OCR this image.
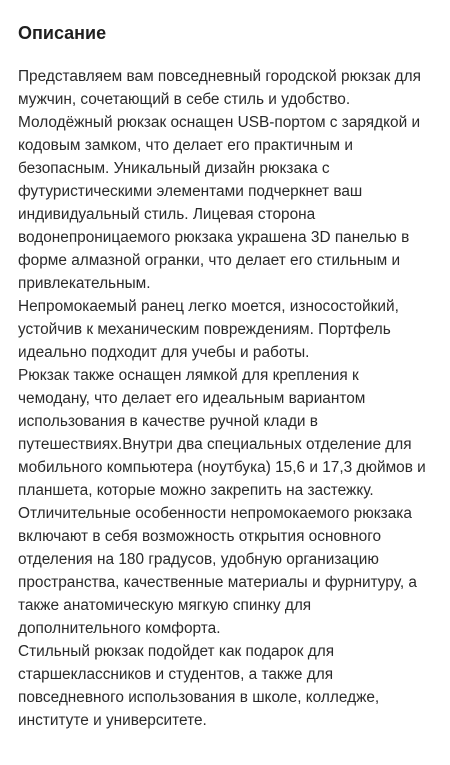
Описание

Представляем вам повседневный городской рюкзак для мужчин, сочетающий в себе стиль и удобство. Молодёжный рюкзак оснащен USB-портом с зарядкой и кодовым замком, что делает его практичным и безопасным. Уникальный дизайн рюкзака с футуристическими элементами подчеркнет ваш индивидуальный стиль. Лицевая сторона водонепроницаемого рюкзака украшена 3D панелью в форме алмазной огранки, что делает его стильным и привлекательным.

Непромокаемый ранец легко моется, износостойкий, устойчив к механическим повреждениям. Портфель идеально подходит для учебы и работы.

Рюкзак также оснащен лямкой для крепления к чемодану, что делает его идеальным вариантом использования в качестве ручной клади в путешествиях.Внутри два специальных отделение для мобильного компьютера (ноутбука) 15,6 и 17,3 дюймов и планшета, которые можно закрепить на застежку. Отличительные особенности непромокаемого рюкзака включают в себя возможность открытия основного отделения на 180 градусов, удобную организацию пространства, качественные материалы и фурнитуру, а также анатомическую мягкую спинку для дополнительного комфорта.

Стильный рюкзак подойдет как подарок для старшеклассников и студентов, а также для повседневного использования в школе, колледже, институте и университете.
